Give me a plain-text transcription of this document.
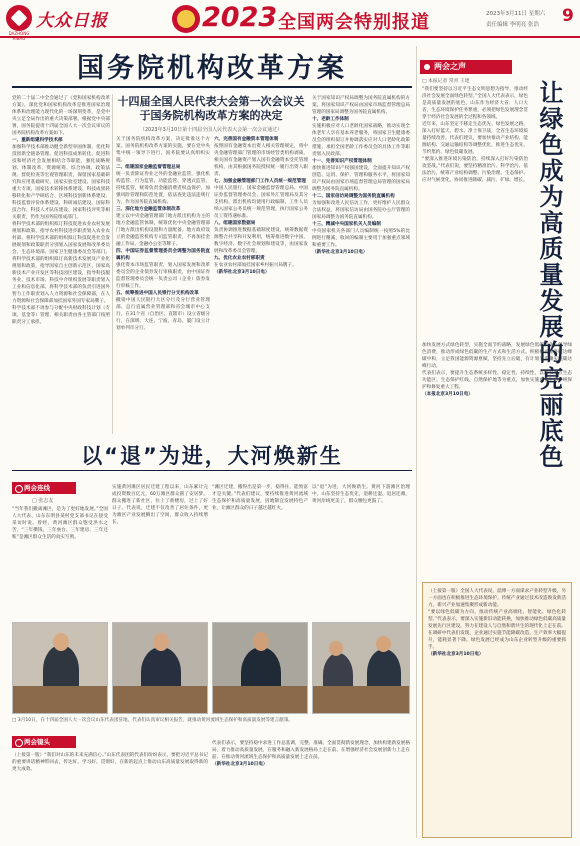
DAZHONG RIBAO
大众日报	2023 全国两会特别报道	2023年3月11日 星期六
责任编辑 李明亮 张浩 9
国务院机构改革方案
党的二十届二中全会通过了《党和国家机构改革方案》。深化党和国家机构改革是推进国家治理体系和治理能力现代化的一场深刻变革，是党中央立足全局作出的重大决策部署。根据党中央部署，国务院提请十四届全国人大一次会议审议的国务院机构改革方案如下。
一、重新组建科学技术部
加强科学技术部推动健全新型举国体制、优化科技创新全链条管理、促进科技成果转化、促进科技和经济社会发展相结合等职能，强化战略规划、体制改革、资源统筹、综合协调、政策法规、督促检查等宏观管理职责，保留国家基础研究和应用基础研究、国家实验室建设、国家科技重大专项、国家技术转移体系建设、科技成果转移转化和产学研结合、区域科技创新体系建设、科技监督评价体系建设、科研诚信建设、国际科技合作、科技人才队伍建设、国家科技评奖等相关职责，仍作为国务院组成部门。
将科学技术部的组织拟订科技促进农业农村发展规划和政策、指导农村科技进步职责划入农业农村部。将科学技术部的组织拟订科技促进社会发展规划和政策职责分别划入国家发展和改革委员会、生态环境部、国家卫生健康委员会等部门。将科学技术部的组织拟订高新技术发展及产业化规划和政策，指导国家自主创新示范区、国家高新技术产业开发区等科技园区建设，指导科技服务业、技术市场、科技中介组织发展等职责划入工业和信息化部。将科学技术部的负责引进国外智力工作职责划入人力资源和社会保障部，在人力资源和社会保障部加挂国家外国专家局牌子。
科学技术部不再参与分配中央财政科技计划（专项、基金等）管理，相关职责由各主管部门按照职责分工承担。
十四届全国人民代表大会第一次会议关于国务院机构改革方案的决定
（2023年3月10日第十四届全国人民代表大会第一次会议通过）
关于国务院机构改革方案，决定批准这个方案。国务院机构改革方案的实施，要在党中央集中统一领导下进行，国务院要认真组织实施。
二、组建国家金融监督管理总局
统一负责除证券业之外的金融业监管，强化机构监管、行为监管、功能监管、穿透式监管、持续监管，统筹负责金融消费者权益保护，加强风险管理和防范处置，依法查处违法违规行为，作为国务院直属机构。
三、深化地方金融监管体制改革
建立以中央金融管理部门地方派出机构为主的地方金融监管体制，统筹优化中央金融管理部门地方派出机构设置和力量配备。地方政府设立的金融监管机构专司监管职责，不再加挂金融工作局、金融办公室等牌子。
四、中国证券监督管理委员会调整为国务院直属机构
强化资本市场监管职责，划入国家发展和改革委员会的企业债券发行审核职责，由中国证券监督管理委员会统一负责公司（企业）债券发行审核工作。
五、统筹推进中国人民银行分支机构改革
撤销中国人民银行大区分行及分行营业管理部、总行直属营业管理部和省会城市中心支行，在31个省（自治区、直辖市）设立省级分行，在深圳、大连、宁波、青岛、厦门设立计划单列市分行。
六、完善国有金融资本管理体制
按照国有金融资本出资人相关管理规定，将中央金融管理部门管理的市场经营类机构剥离，相关国有金融资产划入国有金融资本受托管理机构，由其根据国务院授权统一履行出资人职责。
七、加强金融管理部门工作人员统一规范管理
中国人民银行、国家金融监督管理总局、中国证券监督管理委员会、国家外汇管理局及其分支机构、派出机构均使用行政编制，工作人员纳入国家公务员统一规范管理，执行国家公务员工资待遇标准。
八、组建国家数据局
负责协调推进数据基础制度建设，统筹数据资源整合共享和开发利用，统筹推进数字中国、数字经济、数字社会规划和建设等，由国家发展和改革委员会管理。
九、优化农业农村部职责
在农业农村部加挂国家乡村振兴局牌子。
（新华社北京3月10日电）
关于国家知识产权局调整为国务院直属机构的方案。将国家知识产权局由国家市场监督管理总局管理的国家局调整为国务院直属机构。
十、老龄工作体制
实施积极应对人口老龄化国家战略，推动实现全体老年人享有基本养老服务，将国家卫生健康委员会的组织拟订并协调落实应对人口老龄化政策措施、承担全国老龄工作委员会的具体工作等职责划入民政部。
十一、完善知识产权管理体制
加快推进知识产权强国建设，全面提升知识产权创造、运用、保护、管理和服务水平，将国家知识产权局由国家市场监督管理总局管理的国家局调整为国务院直属机构。
十二、国家信访局调整为国务院直属机构
为加强和改进人民信访工作，更好维护人民群众合法权益，将国家信访局由国务院办公厅管理的国家局调整为国务院直属机构。
十三、精减中央国家机关人员编制
中央国家机关各部门人员编制统一按照5%的比例进行精减，收回的编制主要用于加强重点领域和重要工作。
（新华社北京3月10日电）
两会之声
□ 本报记者 常青 王建	让绿色成为高质量发展的亮丽底色
“我们要坚持以习近平生态文明思想为指导，推动经济社会发展全面绿色转型。”全国人大代表表示，绿色是高质量发展的底色，山东作为经济大省、人口大省，生态环境保护任务繁重，必须把绿色发展理念贯穿于经济社会发展的全过程和各领域。
近年来，山东坚定不移走生态优先、绿色发展之路，深入打好蓝天、碧水、净土保卫战，全省生态环境质量持续改善。代表们建议，要加快推动产业结构、能源结构、交通运输结构等调整优化，推进生态优先、节约集约、绿色低碳发展。
“要深入推进环境污染防治，持续深入打好污染防治攻坚战。”代表们说，要坚持精准治污、科学治污、依法治污，统筹产业结构调整、污染治理、生态保护、应对气候变化，协同推进降碳、减污、扩绿、增长。
加快发展方式绿色转型，实施全面节约战略，发展绿色低碳产业，倡导绿色消费，推动形成绿色低碳的生产方式和生活方式。积极稳妥推进碳达峰碳中和，立足我国能源资源禀赋，坚持先立后破，有计划分步骤实施碳达峰行动。
代表们表示，要提升生态系统多样性、稳定性、持续性，以国家重点生态功能区、生态保护红线、自然保护地等为重点，加快实施重要生态系统保护和修复重大工程。
（本报北京3月10日电）
（上接第一版）全国人大代表说，淄博一方面谋求产业转型升级，另一方面也在积极推进生态环境保护。传统产业通过技术改造焕发新活力，新兴产业加速集聚形成新动能。
“要以绿色低碳为方向，推动传统产业高端化、智能化、绿色化转型。”代表表示，要深入实施新旧动能转换，加快推动绿色低碳高质量发展先行区建设，努力在建设人与自然和谐共生的现代化上走在前。
在调研中代表们发现，企业通过实施节能降碳改造，生产效率大幅提升，能耗显著下降。绿色发展已经成为山东企业转型升级的重要抓手。
（新华社北京3月10日电）
以“退”为进，大河焕新生
两会连线
□ 张志友
“当年我们撤离滩区，是为了更好地发展。”全国人大代表、山东东明县某村党支部书记在接受采访时说。曾经，黄河滩区群众饱受洪水之苦，“三年攒钱、三年垒台、三年建房、三年还账”是滩区群众生活的真实写照。
实施黄河滩区居民迁建工程以来，山东累计完成投资数百亿元，60万滩区群众圆了安居梦。群众搬进了新社区，住上了新楼房，过上了好日子。代表说，迁建不仅改善了居住条件，更为滩区产业发展腾出了空间，群众收入持续增长。
“滩区迁建，搬得出是第一步，稳得住、能致富才是关键。”代表们建议，要持续推进黄河流域生态保护和高质量发展，因地制宜发展特色产业，让滩区群众的日子越过越红火。
以“退”为进，大河焕新生。黄河下游滩区治理中，山东坚持生态优先，退耕还湿、退居还滩，黄河岸线更美了，群众腰包更鼓了。
□ 3月10日，在十四届全国人大一次会议山东代表团驻地，代表们认真审议相关报告，就推动黄河流域生态保护和高质量发展等建言献策。
两会镜头
（上接第一版）“我们对山东的未来充满信心。”山东代表团的代表们纷纷表示，要把习近平总书记的重要讲话精神带回去，传达好、学习好、贯彻好，在新的起点上推动山东高质量发展取得新的更大成效。
代表们表示，要坚持稳中求进工作总基调，完整、准确、全面贯彻新发展理念，加快构建新发展格局，着力推动高质量发展，在服务和融入新发展格局上走在前、在增强经济社会发展创新力上走在前、在推动黄河流域生态保护和高质量发展上走在前。
（新华社北京3月10日电）
